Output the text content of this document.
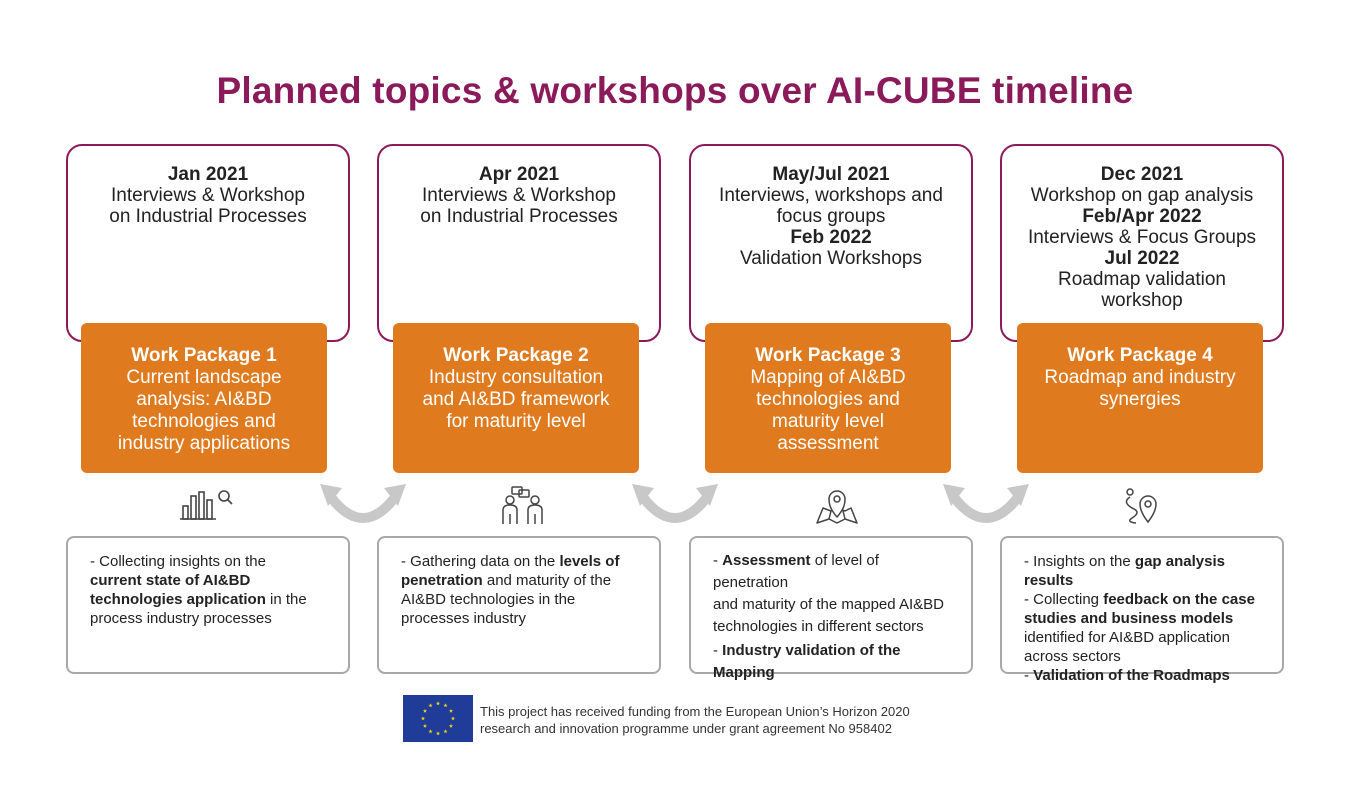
Planned topics & workshops over AI-CUBE timeline
Jan 2021
Interviews & Workshop
on Industrial Processes
Work Package 1
Current landscape
analysis: AI&BD
technologies and
industry applications
- Collecting insights on the
current state of AI&BD
technologies application in the
process industry processes
Apr 2021
Interviews & Workshop
on Industrial Processes
Work Package 2
Industry consultation
and AI&BD framework
for maturity level
- Gathering data on the levels of
penetration and maturity of the
AI&BD technologies in the
processes industry
May/Jul 2021
Interviews, workshops and
focus groups
Feb 2022
Validation Workshops
Work Package 3
Mapping of AI&BD
technologies and
maturity level
assessment
- Assessment of level of penetration
and maturity of the mapped AI&BD
technologies in different sectors
- Industry validation of the Mapping
Dec 2021
Workshop on gap analysis
Feb/Apr 2022
Interviews & Focus Groups
Jul 2022
Roadmap validation
workshop
Work Package 4
Roadmap and industry
synergies
- Insights on the gap analysis results
- Collecting feedback on the case
studies and business models
identified for AI&BD application
across sectors
- Validation of the Roadmaps
This project has received funding from the European Union’s Horizon 2020
research and innovation programme under grant agreement No 958402
